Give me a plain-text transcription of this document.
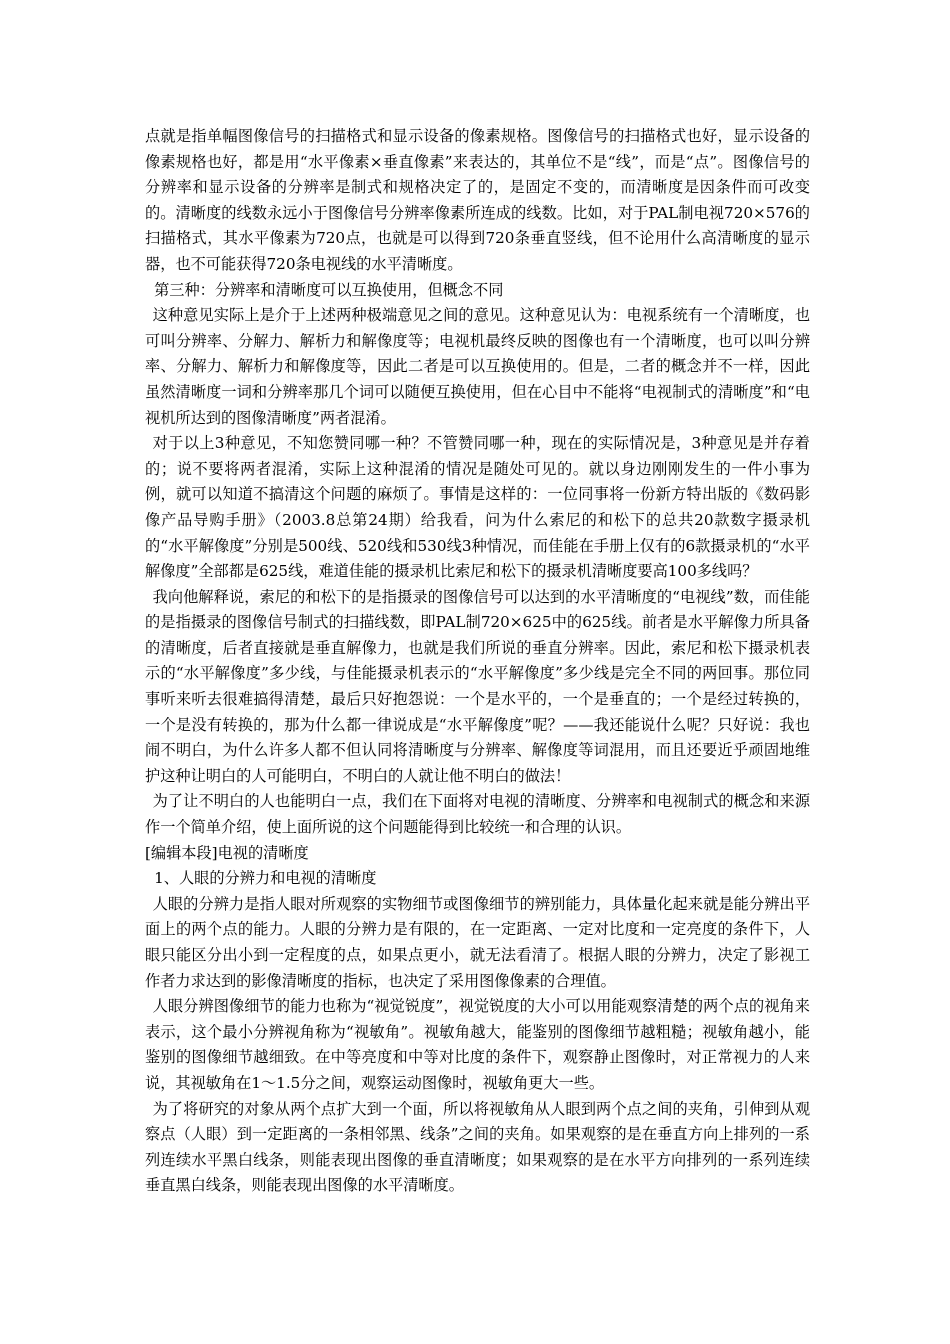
点就是指单幅图像信号的扫描格式和显示设备的像素规格。图像信号的扫描格式也好，显示设备的像素规格也好，都是用“水平像素×垂直像素”来表达的，其单位不是“线”，而是“点”。图像信号的分辨率和显示设备的分辨率是制式和规格决定了的，是固定不变的，而清晰度是因条件而可改变的。清晰度的线数永远小于图像信号分辨率像素所连成的线数。比如，对于PAL制电视720×576的扫描格式，其水平像素为720点，也就是可以得到720条垂直竖线，但不论用什么高清晰度的显示器，也不可能获得720条电视线的水平清晰度。

第三种：分辨率和清晰度可以互换使用，但概念不同

这种意见实际上是介于上述两种极端意见之间的意见。这种意见认为：电视系统有一个清晰度，也可叫分辨率、分解力、解析力和解像度等；电视机最终反映的图像也有一个清晰度，也可以叫分辨率、分解力、解析力和解像度等，因此二者是可以互换使用的。但是，二者的概念并不一样，因此虽然清晰度一词和分辨率那几个词可以随便互换使用，但在心目中不能将“电视制式的清晰度”和“电视机所达到的图像清晰度”两者混淆。

对于以上3种意见，不知您赞同哪一种？不管赞同哪一种，现在的实际情况是，3种意见是并存着的；说不要将两者混淆，实际上这种混淆的情况是随处可见的。就以身边刚刚发生的一件小事为例，就可以知道不搞清这个问题的麻烦了。事情是这样的：一位同事将一份新方特出版的《数码影像产品导购手册》（2003.8总第24期）给我看，问为什么索尼的和松下的总共20款数字摄录机的“水平解像度”分别是500线、520线和530线3种情况，而佳能在手册上仅有的6款摄录机的“水平解像度”全部都是625线，难道佳能的摄录机比索尼和松下的摄录机清晰度要高100多线吗？

我向他解释说，索尼的和松下的是指摄录的图像信号可以达到的水平清晰度的“电视线”数，而佳能的是指摄录的图像信号制式的扫描线数，即PAL制720×625中的625线。前者是水平解像力所具备的清晰度，后者直接就是垂直解像力，也就是我们所说的垂直分辨率。因此，索尼和松下摄录机表示的“水平解像度”多少线，与佳能摄录机表示的“水平解像度”多少线是完全不同的两回事。那位同事听来听去很难搞得清楚，最后只好抱怨说：一个是水平的，一个是垂直的；一个是经过转换的，一个是没有转换的，那为什么都一律说成是“水平解像度”呢？——我还能说什么呢？只好说：我也闹不明白，为什么许多人都不但认同将清晰度与分辨率、解像度等词混用，而且还要近乎顽固地维护这种让明白的人可能明白，不明白的人就让他不明白的做法！

为了让不明白的人也能明白一点，我们在下面将对电视的清晰度、分辨率和电视制式的概念和来源作一个简单介绍，使上面所说的这个问题能得到比较统一和合理的认识。

[编辑本段]电视的清晰度

1、人眼的分辨力和电视的清晰度

人眼的分辨力是指人眼对所观察的实物细节或图像细节的辨别能力，具体量化起来就是能分辨出平面上的两个点的能力。人眼的分辨力是有限的，在一定距离、一定对比度和一定亮度的条件下，人眼只能区分出小到一定程度的点，如果点更小，就无法看清了。根据人眼的分辨力，决定了影视工作者力求达到的影像清晰度的指标，也决定了采用图像像素的合理值。

人眼分辨图像细节的能力也称为“视觉锐度”，视觉锐度的大小可以用能观察清楚的两个点的视角来表示，这个最小分辨视角称为“视敏角”。视敏角越大，能鉴别的图像细节越粗糙；视敏角越小，能鉴别的图像细节越细致。在中等亮度和中等对比度的条件下，观察静止图像时，对正常视力的人来说，其视敏角在1～1.5分之间，观察运动图像时，视敏角更大一些。

为了将研究的对象从两个点扩大到一个面，所以将视敏角从人眼到两个点之间的夹角，引伸到从观察点（人眼）到一定距离的一条相邻黑、线条”之间的夹角。如果观察的是在垂直方向上排列的一系列连续水平黑白线条，则能表现出图像的垂直清晰度；如果观察的是在水平方向排列的一系列连续垂直黑白线条，则能表现出图像的水平清晰度。
